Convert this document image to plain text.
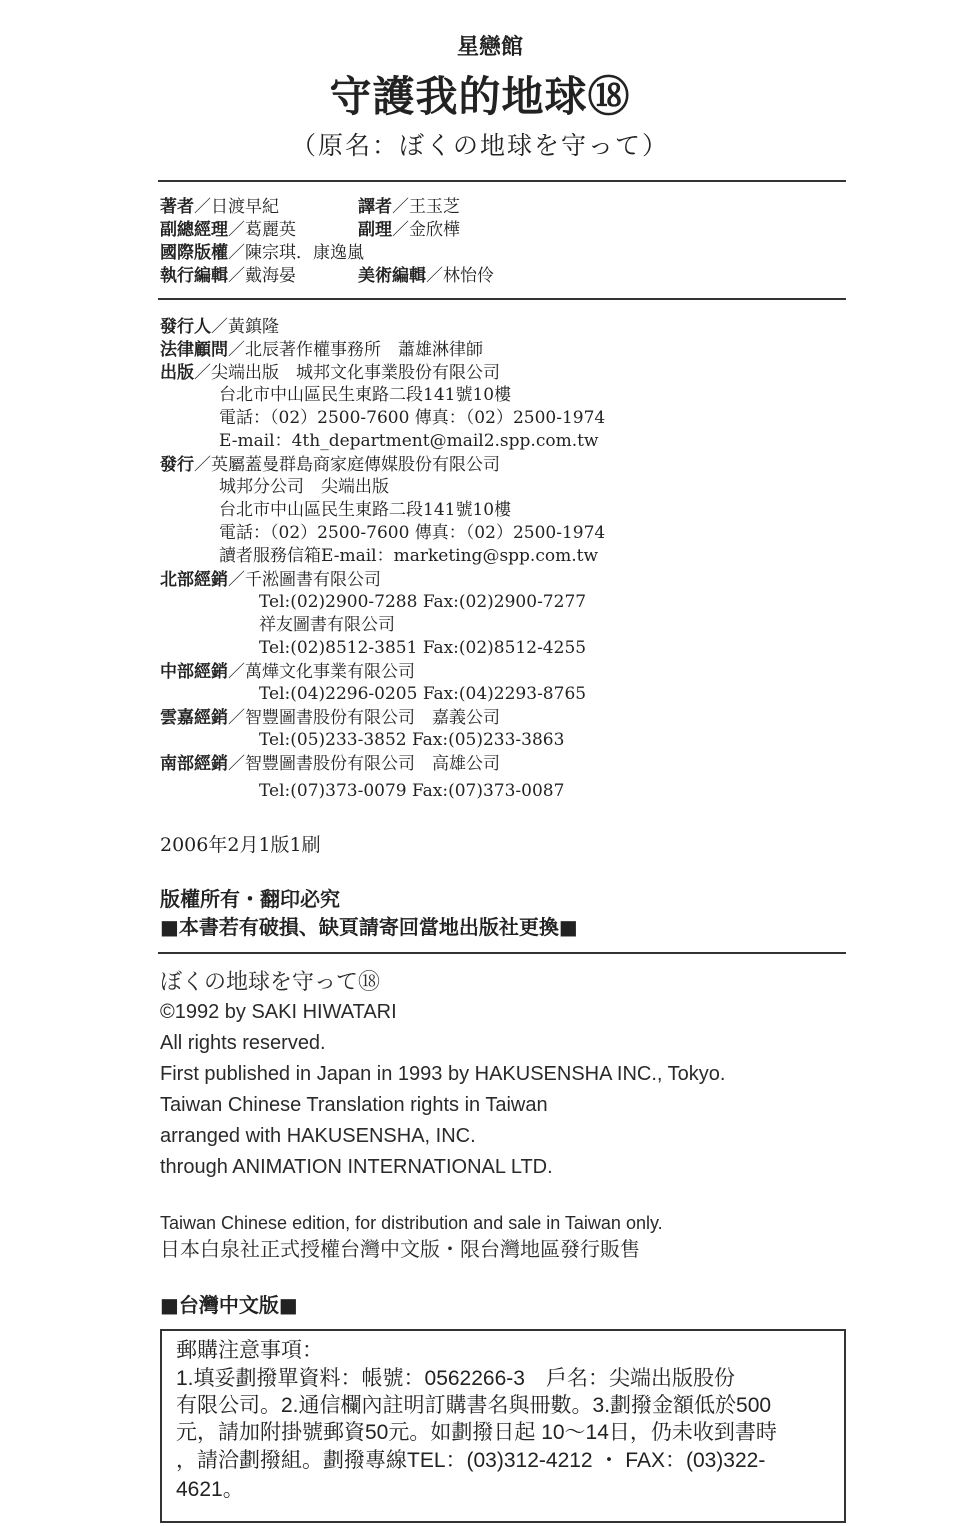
星戀館
守護我的地球⑱
（原名：ぼくの地球を守って）
著者／日渡早紀	譯者／王玉芝
副總經理／葛麗英	副理／金欣樺
國際版權／陳宗琪．康逸嵐
執行編輯／戴海晏	美術編輯／林怡伶
發行人／黃鎮隆
法律顧問／北辰著作權事務所　蕭雄淋律師
出版／尖端出版　城邦文化事業股份有限公司
台北市中山區民生東路二段141號10樓
電話：（02）2500-7600 傳真：（02）2500-1974
E-mail：4th_department@mail2.spp.com.tw
發行／英屬蓋曼群島商家庭傳媒股份有限公司
城邦分公司　尖端出版
台北市中山區民生東路二段141號10樓
電話：（02）2500-7600 傳真：（02）2500-1974
讀者服務信箱E-mail：marketing@spp.com.tw
北部經銷／千淞圖書有限公司
Tel:(02)2900-7288 Fax:(02)2900-7277
祥友圖書有限公司
Tel:(02)8512-3851 Fax:(02)8512-4255
中部經銷／萬燁文化事業有限公司
Tel:(04)2296-0205 Fax:(04)2293-8765
雲嘉經銷／智豐圖書股份有限公司　嘉義公司
Tel:(05)233-3852 Fax:(05)233-3863
南部經銷／智豐圖書股份有限公司　高雄公司
Tel:(07)373-0079 Fax:(07)373-0087
2006年2月1版1刷
版權所有・翻印必究
■本書若有破損、缺頁請寄回當地出版社更換■
ぼくの地球を守って⑱
©1992 by SAKI HIWATARI
All rights reserved.
First published in Japan in 1993 by HAKUSENSHA INC., Tokyo.
Taiwan Chinese Translation rights in Taiwan
arranged with HAKUSENSHA, INC.
through ANIMATION INTERNATIONAL LTD.
Taiwan Chinese edition, for distribution and sale in Taiwan only.
日本白泉社正式授權台灣中文版・限台灣地區發行販售
■台灣中文版■
郵購注意事項：
1.填妥劃撥單資料：帳號：0562266-3　戶名：尖端出版股份
有限公司。2.通信欄內註明訂購書名與冊數。3.劃撥金額低於500
元，請加附掛號郵資50元。如劃撥日起 10～14日，仍未收到書時
，請洽劃撥組。劃撥專線TEL：(03)312-4212 ・ FAX：(03)322-
4621。
